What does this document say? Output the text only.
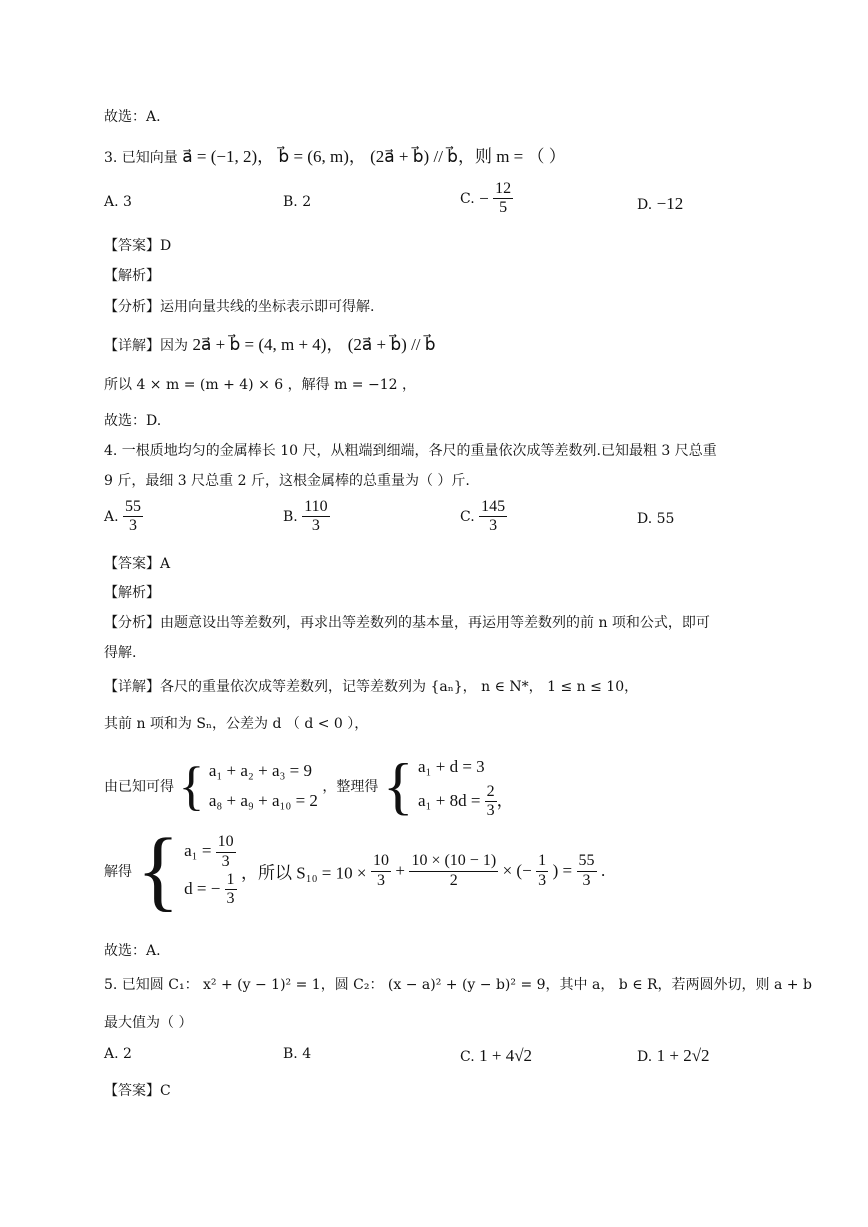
故选：A.
3. 已知向量 a⃗ = (−1, 2)， b⃗ = (6, m)， (2a⃗ + b⃗) // b⃗，则 m = （ ）
A. 3	B. 2	C. − $\frac{12}{5}$	D. −12
【答案】D
【解析】
【分析】运用向量共线的坐标表示即可得解.
【详解】因为 2a⃗ + b⃗ = (4, m + 4)， (2a⃗ + b⃗) // b⃗
所以 4 × m = (m + 4) × 6 ，解得 m = −12 ，
故选：D.
4. 一根质地均匀的金属棒长 10 尺，从粗端到细端，各尺的重量依次成等差数列.已知最粗 3 尺总重
9 斤，最细 3 尺总重 2 斤，这根金属棒的总重量为（ ）斤.
A. $\frac{55}{3}$	B. $\frac{110}{3}$	C. $\frac{145}{3}$	D. 55
【答案】A
【解析】
【分析】由题意设出等差数列，再求出等差数列的基本量，再运用等差数列的前 n 项和公式，即可
得解.
【详解】各尺的重量依次成等差数列，记等差数列为 {aₙ}， n ∈ N*， 1 ≤ n ≤ 10，
其前 n 项和为 Sₙ，公差为 d （ d < 0 ），
由已知可得 { a₁ + a₂ + a₃ = 9
a₈ + a₉ + a₁₀ = 2
，整理得 { a₁ + d = 3
$a_1 + 8d = \frac{2}{3}$ ，
解得 { $a_1 = \frac{10}{3}$
d = − $\frac{1}{3}$ ，所以 $S_{10} = 10 \times \frac{10}{3} + \frac{10 \times (10 - 1)}{2}$ × (− $\frac{1}{3}$ ) = $\frac{55}{3}$ .
故选：A.
5. 已知圆 C₁： x² + (y − 1)² = 1，圆 C₂： (x − a)² + (y − b)² = 9，其中 a， b ∈ R，若两圆外切，则 a + b
最大值为（ ）
A. 2	B. 4	C. 1 + 4√2	D. 1 + 2√2
【答案】C
